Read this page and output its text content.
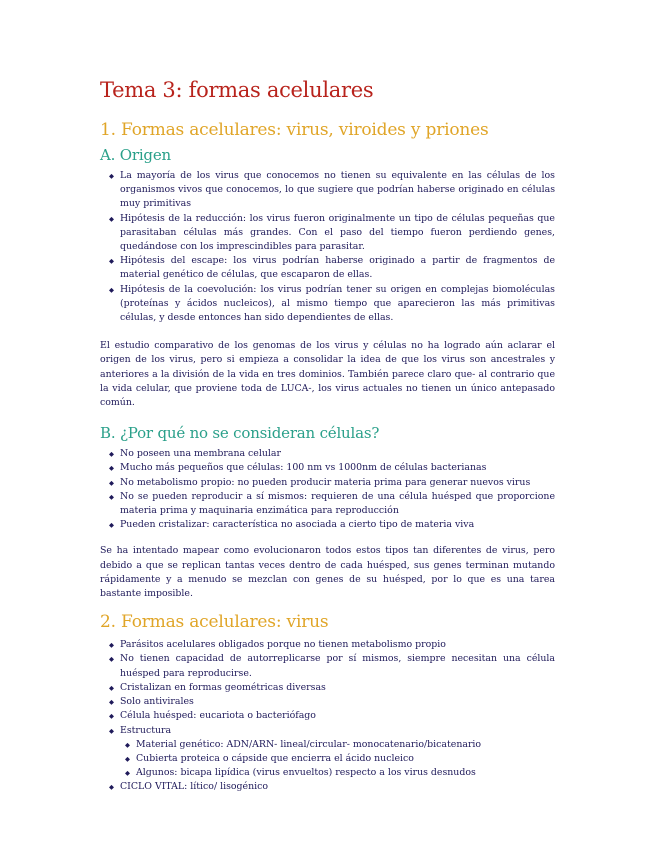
Tema 3: formas acelulares
1. Formas acelulares: virus, viroides y priones
A. Origen
◆ La mayoría de los virus que conocemos no tienen su equivalente en las células de los organismos vivos que conocemos, lo que sugiere que podrían haberse originado en células muy primitivas
◆ Hipótesis de la reducción: los virus fueron originalmente un tipo de células pequeñas que parasitaban células más grandes. Con el paso del tiempo fueron perdiendo genes, quedándose con los imprescindibles para parasitar.
◆ Hipótesis del escape: los virus podrían haberse originado a partir de fragmentos de material genético de células, que escaparon de ellas.
◆ Hipótesis de la coevolución: los virus podrían tener su origen en complejas biomoléculas (proteínas y ácidos nucleicos), al mismo tiempo que aparecieron las más primitivas células, y desde entonces han sido dependientes de ellas.

El estudio comparativo de los genomas de los virus y células no ha logrado aún aclarar el origen de los virus, pero si empieza a consolidar la idea de que los virus son ancestrales y anteriores a la división de la vida en tres dominios. También parece claro que- al contrario que la vida celular, que proviene toda de LUCA-, los virus actuales no tienen un único antepasado común.

B. ¿Por qué no se consideran células?
◆ No poseen una membrana celular
◆ Mucho más pequeños que células: 100 nm vs 1000nm de células bacterianas
◆ No metabolismo propio: no pueden producir materia prima para generar nuevos virus
◆ No se pueden reproducir a sí mismos: requieren de una célula huésped que proporcione materia prima y maquinaria enzimática para reproducción
◆ Pueden cristalizar: característica no asociada a cierto tipo de materia viva

Se ha intentado mapear como evolucionaron todos estos tipos tan diferentes de virus, pero debido a que se replican tantas veces dentro de cada huésped, sus genes terminan mutando rápidamente y a menudo se mezclan con genes de su huésped, por lo que es una tarea bastante imposible.

2. Formas acelulares: virus
◆ Parásitos acelulares obligados porque no tienen metabolismo propio
◆ No tienen capacidad de autorreplicarse por sí mismos, siempre necesitan una célula huésped para reproducirse.
◆ Cristalizan en formas geométricas diversas
◆ Solo antivirales
◆ Célula huésped: eucariota o bacteriófago
◆ Estructura
◆ Material genético: ADN/ARN- lineal/circular- monocatenario/bicatenario
◆ Cubierta proteica o cápside que encierra el ácido nucleico
◆ Algunos: bicapa lipídica (virus envueltos) respecto a los virus desnudos
◆ CICLO VITAL: lítico/ lisogénico
